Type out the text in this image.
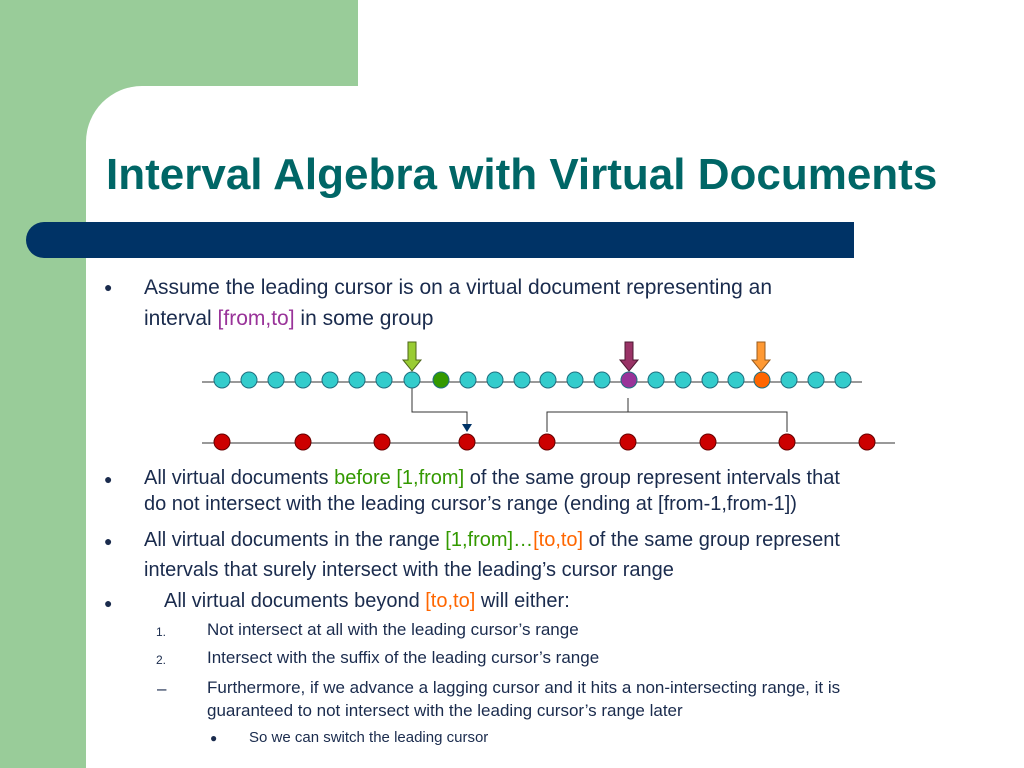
Interval Algebra with Virtual Documents
● Assume the leading cursor is on a virtual document representing an
interval [from,to] in some group
● All virtual documents before [1,from] of the same group represent intervals that
do not intersect with the leading cursor’s range (ending at [from-1,from-1])
● All virtual documents in the range [1,from]…[to,to] of the same group represent
intervals that surely intersect with the leading’s cursor range
●	All virtual documents beyond [to,to] will either:
1. Not intersect at all with the leading cursor’s range
2. Intersect with the suffix of the leading cursor’s range
– Furthermore, if we advance a lagging cursor and it hits a non-intersecting range, it is
guaranteed to not intersect with the leading cursor’s range later
● So we can switch the leading cursor
